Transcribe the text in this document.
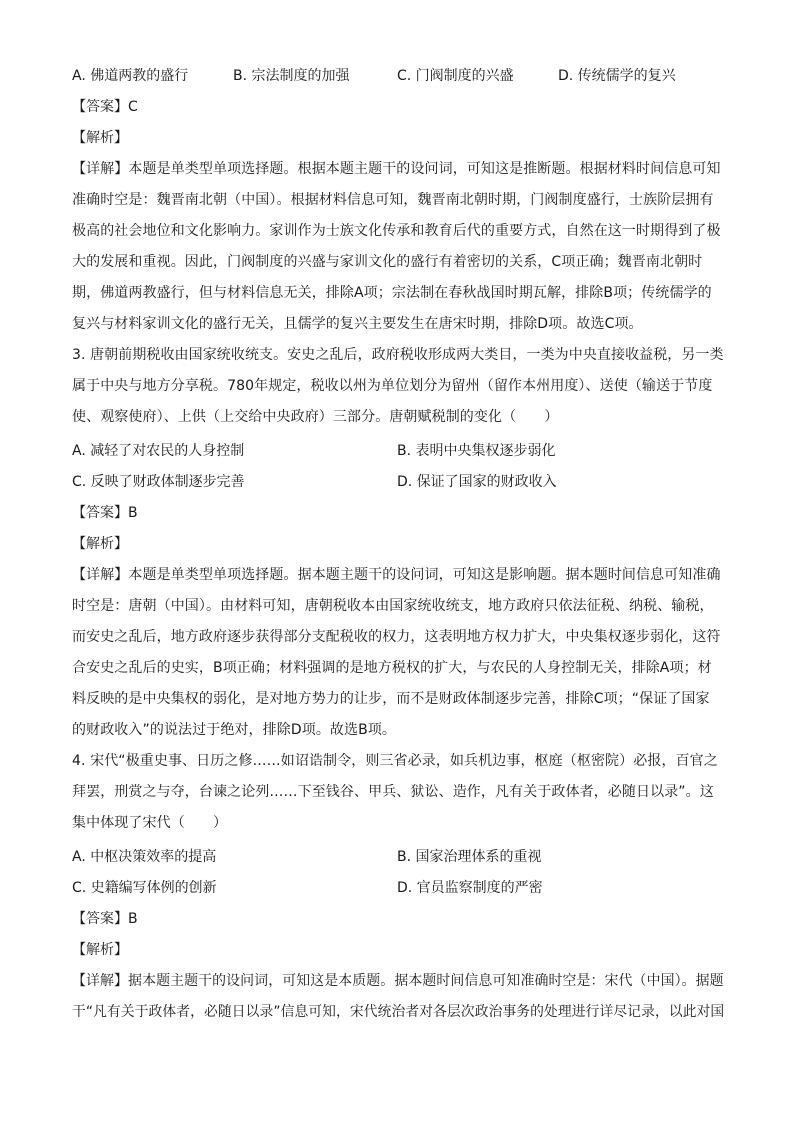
A. 佛道两教的盛行	B. 宗法制度的加强	C. 门阀制度的兴盛	D. 传统儒学的复兴
【答案】C
【解析】
【详解】本题是单类型单项选择题。根据本题主题干的设问词，可知这是推断题。根据材料时间信息可知
准确时空是：魏晋南北朝（中国）。根据材料信息可知，魏晋南北朝时期，门阀制度盛行，士族阶层拥有
极高的社会地位和文化影响力。家训作为士族文化传承和教育后代的重要方式，自然在这一时期得到了极
大的发展和重视。因此，门阀制度的兴盛与家训文化的盛行有着密切的关系，C项正确；魏晋南北朝时
期，佛道两教盛行，但与材料信息无关，排除A项；宗法制在春秋战国时期瓦解，排除B项；传统儒学的
复兴与材料家训文化的盛行无关，且儒学的复兴主要发生在唐宋时期，排除D项。故选C项。
3. 唐朝前期税收由国家统收统支。安史之乱后，政府税收形成两大类目，一类为中央直接收益税，另一类
属于中央与地方分享税。780年规定，税收以州为单位划分为留州（留作本州用度）、送使（输送于节度
使、观察使府）、上供（上交给中央政府）三部分。唐朝赋税制的变化（　　）
A. 减轻了对农民的人身控制	B. 表明中央集权逐步弱化
C. 反映了财政体制逐步完善	D. 保证了国家的财政收入
【答案】B
【解析】
【详解】本题是单类型单项选择题。据本题主题干的设问词，可知这是影响题。据本题时间信息可知准确
时空是：唐朝（中国）。由材料可知，唐朝税收本由国家统收统支，地方政府只依法征税、纳税、输税，
而安史之乱后，地方政府逐步获得部分支配税收的权力，这表明地方权力扩大，中央集权逐步弱化，这符
合安史之乱后的史实，B项正确；材料强调的是地方税权的扩大，与农民的人身控制无关，排除A项；材
料反映的是中央集权的弱化，是对地方势力的让步，而不是财政体制逐步完善，排除C项；“保证了国家
的财政收入”的说法过于绝对，排除D项。故选B项。
4. 宋代“极重史事、日历之修……如诏诰制令，则三省必录，如兵机边事，枢庭（枢密院）必报，百官之
拜罢，刑赏之与夺，台谏之论列……下至钱谷、甲兵、狱讼、造作，凡有关于政体者，必随日以录”。这
集中体现了宋代（　　）
A. 中枢决策效率的提高	B. 国家治理体系的重视
C. 史籍编写体例的创新	D. 官员监察制度的严密
【答案】B
【解析】
【详解】据本题主题干的设问词，可知这是本质题。据本题时间信息可知准确时空是：宋代（中国）。据题
干“凡有关于政体者，必随日以录”信息可知，宋代统治者对各层次政治事务的处理进行详尽记录，以此对国
